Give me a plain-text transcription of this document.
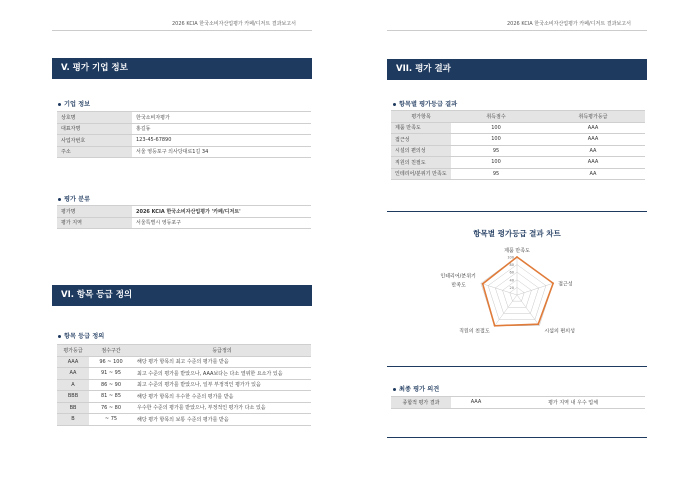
2026 KCIA 한국소비자산업평가 카페/디저트 결과보고서	2026 KCIA 한국소비자산업평가 카페/디저트 결과보고서
V. 평가 기업 정보
기업 정보
상호명	한국소비자평가
대표자명	홍길동
사업자번호	123-45-67890
주소	서울 영등포구 의사당대로1길 34
평가 분류
평가명	2026 KCIA 한국소비자산업평가 '카페/디저트'
평가 지역	서울특별시 영등포구
VI. 항목 등급 정의
항목 등급 정의
평가등급	점수구간	등급정의
AAA	96 ~ 100	해당 평가 항목의 최고 수준의 평가를 받음
AA	91 ~ 95	최고 수준의 평가를 받았으나, AAA보다는 다소 열위한 요소가 있음
A	86 ~ 90	최고 수준의 평가를 받았으나, 일부 부정적인 평가가 있음
BBB	81 ~ 85	해당 평가 항목의 우수한 수준의 평가를 받음
BB	76 ~ 80	우수한 수준의 평가를 받았으나, 부정적인 평가가 다소 있음
B	~ 75	해당 평가 항목의 보통 수준의 평가를 받음
VII. 평가 결과
항목별 평가등급 결과
평가항목	취득점수	취득평가등급
제품 만족도	100	AAA
접근성	100	AAA
시설의 편의성	95	AA
직원의 친절도	100	AAA
인테리어/분위기 만족도	95	AA
항목별 평가등급 결과 차트
100
80
60
40
20
제품 만족도
접근성
시설의 편의성
직원의 친절도
인테리어/분위기 만족도
최종 평가 의견
종합적 평가 결과	AAA	평가 지역 내 우수 업체
